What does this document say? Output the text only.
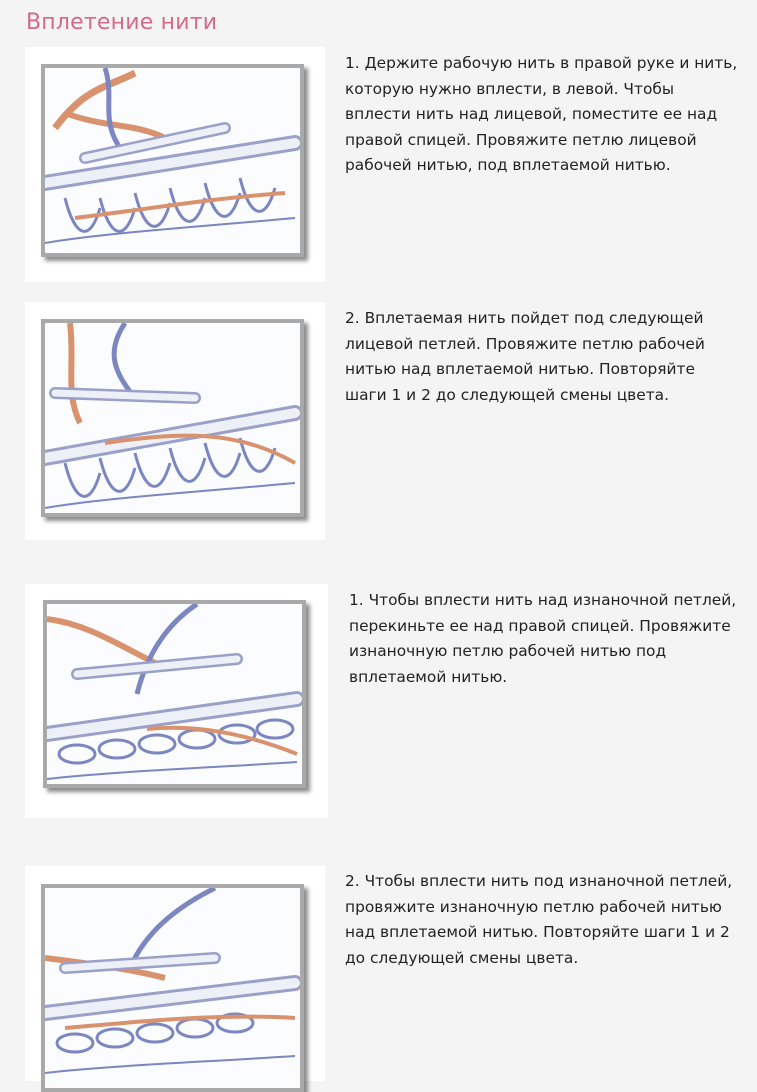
Вплетение нити
1. Держите рабочую нить в правой руке и нить, которую нужно вплести, в левой. Чтобы вплести нить над лицевой, поместите ее над правой спицей. Провяжите петлю лицевой рабочей нитью, под вплетаемой нитью.
2. Вплетаемая нить пойдет под следующей лицевой петлей. Провяжите петлю рабочей нитью над вплетаемой нитью. Повторяйте шаги 1 и 2 до следующей смены цвета.
1. Чтобы вплести нить над изнаночной петлей, перекиньте ее над правой спицей. Провяжите изнаночную петлю рабочей нитью под вплетаемой нитью.
2. Чтобы вплести нить под изнаночной петлей, провяжите изнаночную петлю рабочей нитью над вплетаемой нитью. Повторяйте шаги 1 и 2 до следующей смены цвета.
